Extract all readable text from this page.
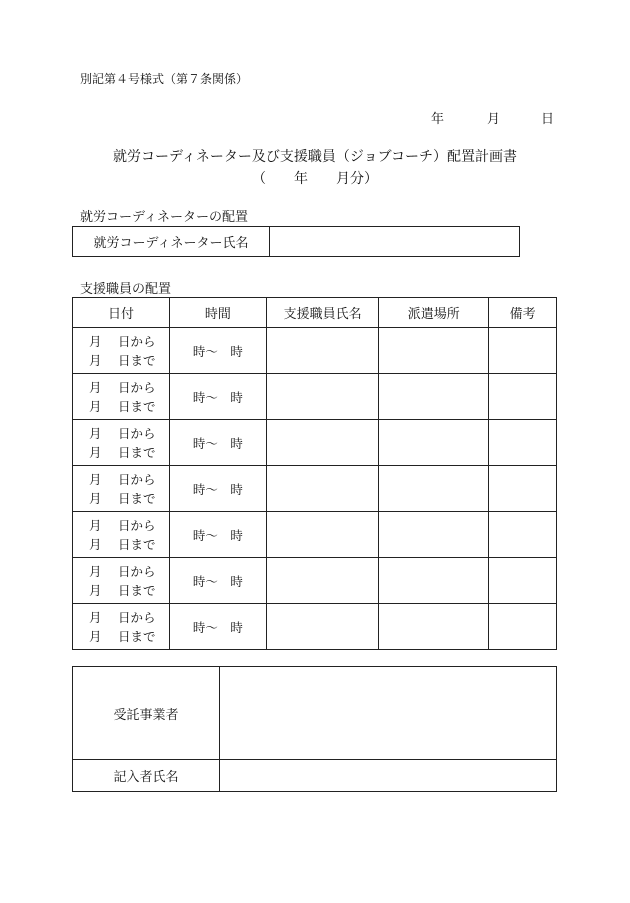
別記第４号様式（第７条関係）
年	月	日
就労コーディネーター及び支援職員（ジョブコーチ）配置計画書
（　　年　　月分）
就労コーディネーターの配置
就労コーディネーター氏名	
支援職員の配置
日付	時間	支援職員氏名	派遣場所	備考

月　 日から
月　 日まで	時～　時			

月　 日から
月　 日まで	時～　時			

月　 日から
月　 日まで	時～　時			

月　 日から
月　 日まで	時～　時			

月　 日から
月　 日まで	時～　時			

月　 日から
月　 日まで	時～　時			

月　 日から
月　 日まで	時～　時			
受託事業者	
記入者氏名	
